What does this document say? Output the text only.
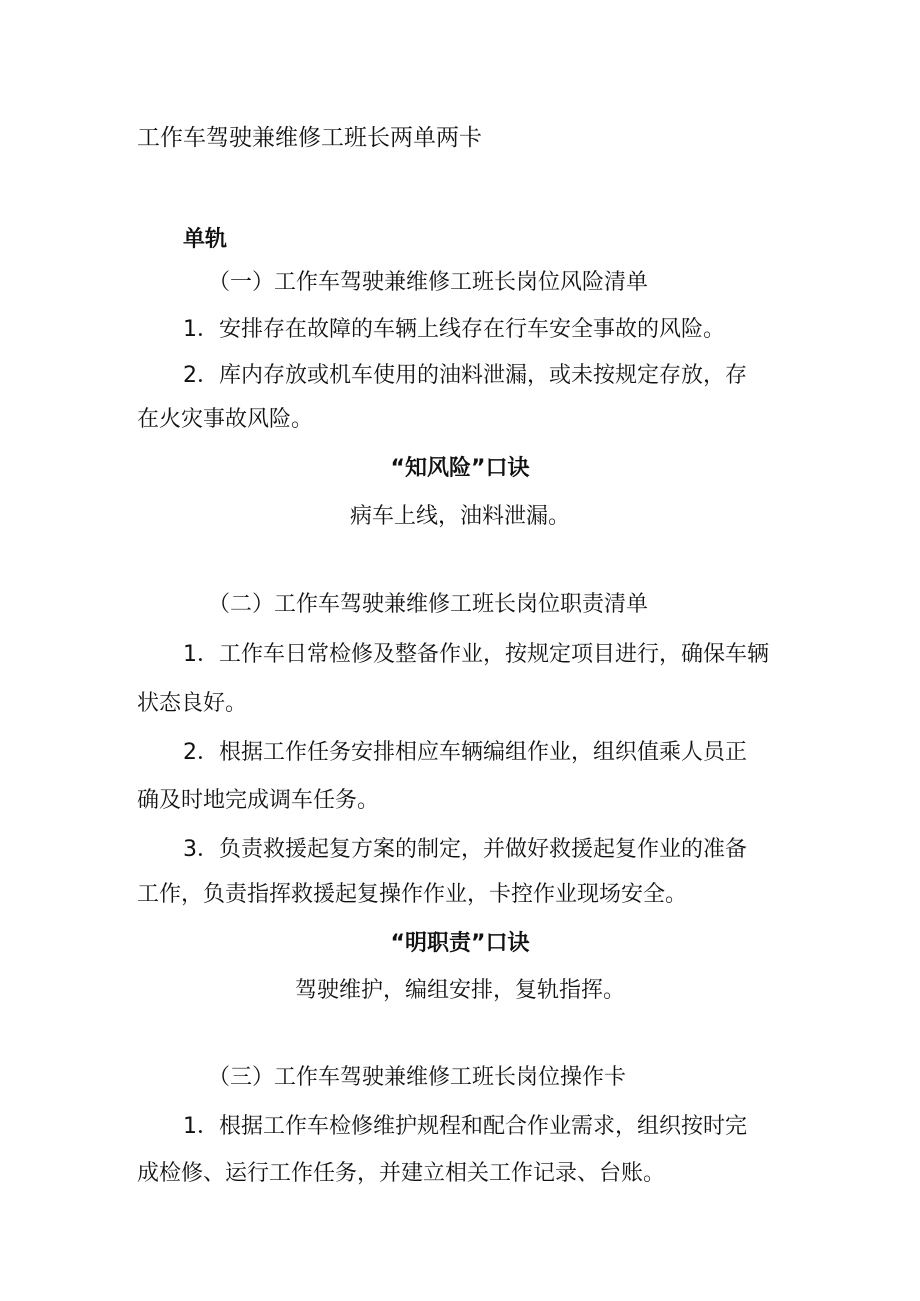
工作车驾驶兼维修工班长两单两卡
单轨
（一）工作车驾驶兼维修工班长岗位风险清单
1．安排存在故障的车辆上线存在行车安全事故的风险。
2．库内存放或机车使用的油料泄漏，或未按规定存放，存
在火灾事故风险。
“知风险”口诀
病车上线，油料泄漏。
（二）工作车驾驶兼维修工班长岗位职责清单
1．工作车日常检修及整备作业，按规定项目进行，确保车辆
状态良好。
2．根据工作任务安排相应车辆编组作业，组织值乘人员正
确及时地完成调车任务。
3．负责救援起复方案的制定，并做好救援起复作业的准备
工作，负责指挥救援起复操作作业，卡控作业现场安全。
“明职责”口诀
驾驶维护，编组安排，复轨指挥。
（三）工作车驾驶兼维修工班长岗位操作卡
1．根据工作车检修维护规程和配合作业需求，组织按时完
成检修、运行工作任务，并建立相关工作记录、台账。
